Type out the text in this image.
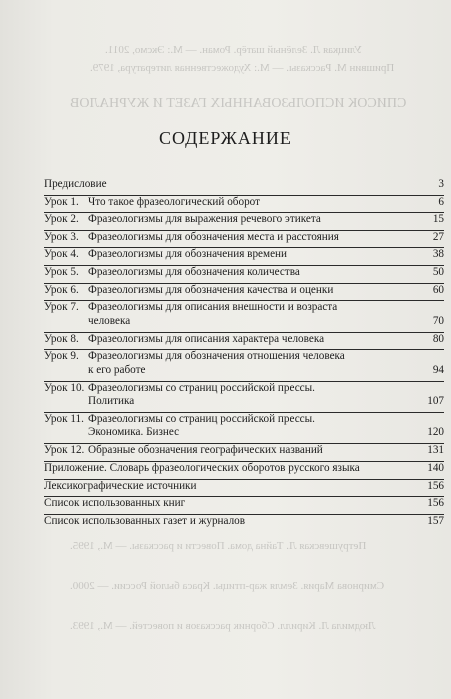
Улицкая Л. Зелёный шатёр. Роман. — М.: Эксмо, 2011.
Пришвин М. Рассказы. — М.: Художественная литература, 1979.
СПИСОК ИСПОЛЬЗОВАННЫХ ГАЗЕТ И ЖУРНАЛОВ
Петрушевская Л. Тайна дома. Повести и рассказы. — М., 1995.
Смирнова Мария. Земля жар-птицы. Краса былой России. — 2000.
Людмила Л. Кирилл. Сборник рассказов и повестей. — М., 1993.
СОДЕРЖАНИЕ
Предисловие	3
Урок 1. Что такое фразеологический оборот	6
Урок 2. Фразеологизмы для выражения речевого этикета	15
Урок 3. Фразеологизмы для обозначения места и расстояния	27
Урок 4. Фразеологизмы для обозначения времени	38
Урок 5. Фразеологизмы для обозначения количества	50
Урок 6. Фразеологизмы для обозначения качества и оценки	60
Урок 7. Фразеологизмы для описания внешности и возраста
человека	70
Урок 8. Фразеологизмы для описания характера человека	80
Урок 9. Фразеологизмы для обозначения отношения человека
к его работе	94
Урок 10. Фразеологизмы со страниц российской прессы.
Политика	107
Урок 11. Фразеологизмы со страниц российской прессы.
Экономика. Бизнес	120
Урок 12. Образные обозначения географических названий	131
Приложение. Словарь фразеологических оборотов русского языка	140
Лексикографические источники	156
Список использованных книг	156
Список использованных газет и журналов	157
